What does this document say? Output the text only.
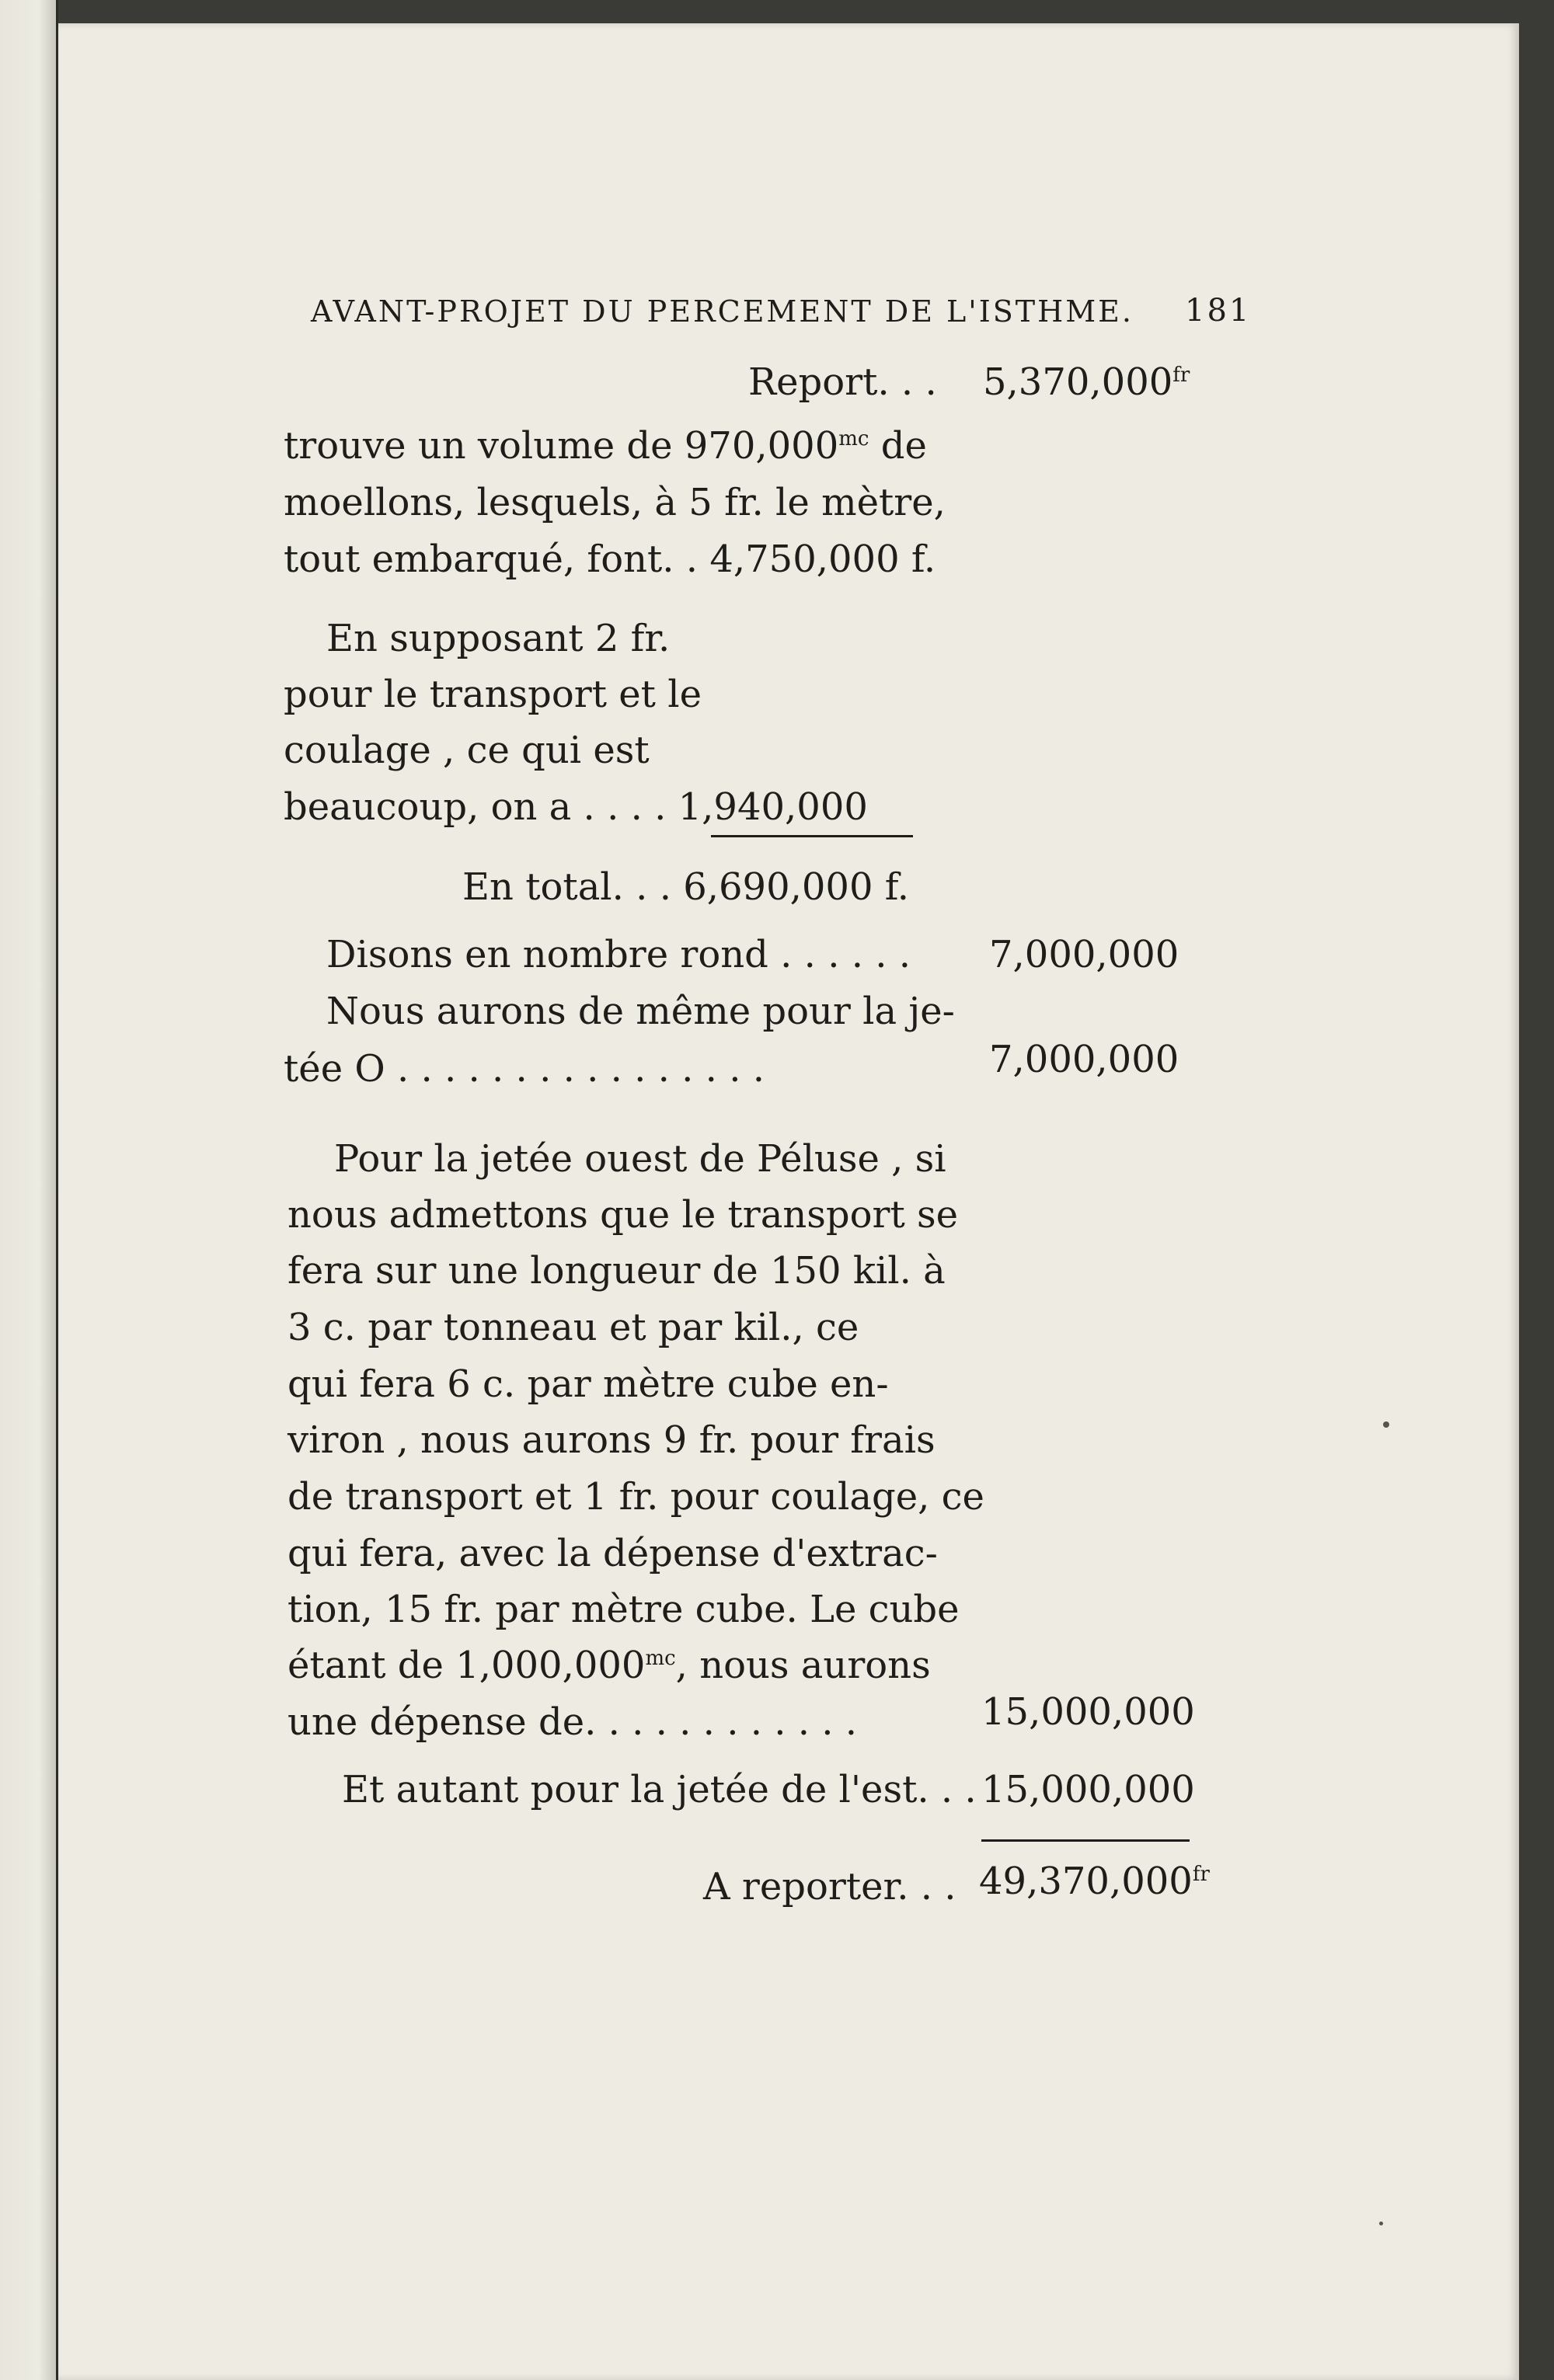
AVANT-PROJET DU PERCEMENT DE L'ISTHME. 181
Report. . . $5,370,000^{fr}$
trouve un volume de $970,000^{mc}$ de
moellons, lesquels, à 5 fr. le mètre,
tout embarqué, font. . 4,750,000 f.
En supposant 2 fr.
pour le transport et le
coulage , ce qui est
beaucoup, on a . . . . 1,940,000
En total. . . 6,690,000 f.
Disons en nombre rond . . . . . . 7,000,000
Nous aurons de même pour la je-
tée O . . . . . . . . . . . . . . . .	7,000,000
Pour la jetée ouest de Péluse , si
nous admettons que le transport se
fera sur une longueur de 150 kil. à
3 c. par tonneau et par kil., ce
qui fera 6 c. par mètre cube en-
viron , nous aurons 9 fr. pour frais
de transport et 1 fr. pour coulage, ce
qui fera, avec la dépense d'extrac-
tion, 15 fr. par mètre cube. Le cube
étant de $1,000,000^{mc}$, nous aurons
une dépense de. . . . . . . . . . . .	15,000,000
Et autant pour la jetée de l'est. . . 15,000,000
A reporter. . . $49,370,000^{fr}$
